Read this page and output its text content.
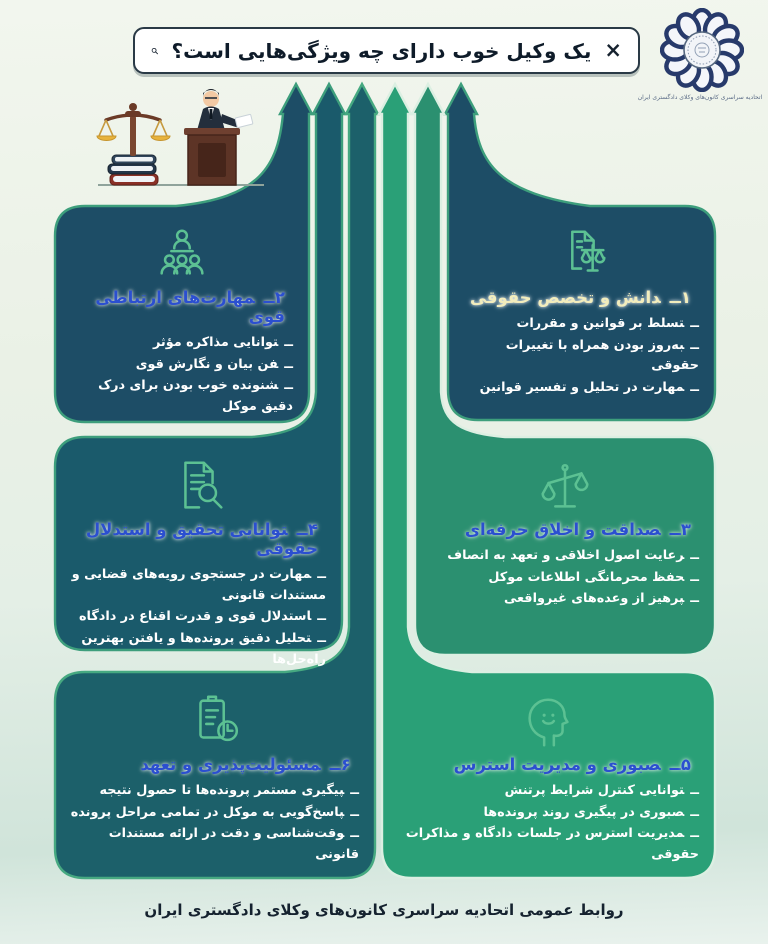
×
یک وکیل خوب دارای چه ویژگی‌هایی است؟
اتحادیه سراسری کانون‌های وکلای دادگستری ایران
۱ــدانش و تخصص حقوقی
ــتسلط بر قوانین و مقررات
ــبه‌روز بودن همراه با تغییرات حقوقی
ــمهارت در تحلیل و تفسیر قوانین
۲ــمهارت‌های ارتباطی قوی
ــتوانایی مذاکره مؤثر
ــفن بیان و نگارش قوی
ــشنونده خوب بودن برای درک دقیق موکل
۳ــصداقت و اخلاق حرفه‌ای
ــرعایت اصول اخلاقی و تعهد به انصاف
ــحفظ محرمانگی اطلاعات موکل
ــپرهیز از وعده‌های غیرواقعی
۴ــتوانایی تحقیق و استدلال حقوقی
ــمهارت در جستجوی رویه‌های قضایی و مستندات قانونی
ــاستدلال قوی و قدرت اقناع در دادگاه
ــتحلیل دقیق پرونده‌ها و یافتن بهترین راه‌حل‌ها
۵ــصبوری و مدیریت استرس
ــتوانایی کنترل شرایط پرتنش
ــصبوری در پیگیری روند پرونده‌ها
ــمدیریت استرس در جلسات دادگاه و مذاکرات حقوقی
۶ــمسئولیت‌پذیری و تعهد
ــپیگیری مستمر پرونده‌ها تا حصول نتیجه
ــپاسخ‌گویی به موکل در تمامی مراحل پرونده
ــوقت‌شناسی و دقت در ارائه مستندات قانونی
روابط عمومی اتحادیه سراسری کانون‌های وکلای دادگستری ایران
